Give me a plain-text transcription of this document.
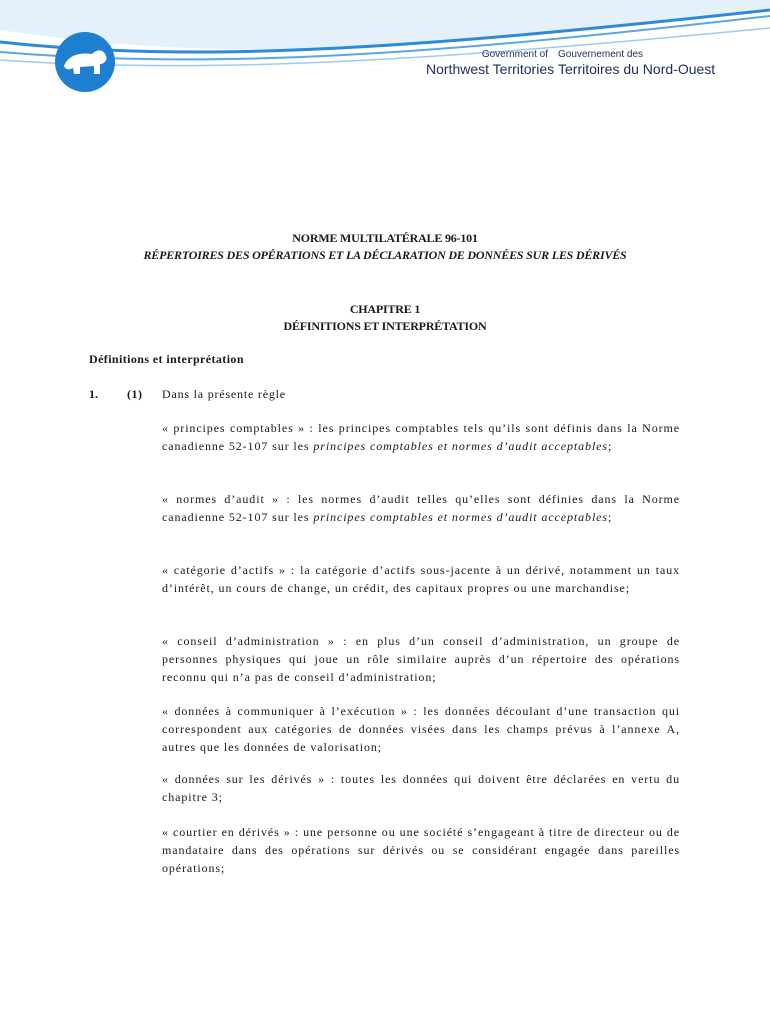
Government of
Northwest Territories
Gouvernement des
Territoires du Nord-Ouest
NORME MULTILATÉRALE 96-101
RÉPERTOIRES DES OPÉRATIONS ET LA DÉCLARATION DE DONNÉES SUR LES DÉRIVÉS
CHAPITRE 1
DÉFINITIONS ET INTERPRÉTATION
Définitions et interprétation
1. (1) Dans la présente règle
« principes comptables » : les principes comptables tels qu’ils sont définis dans la Norme canadienne 52-107 sur les principes comptables et normes d’audit acceptables;
« normes d’audit » : les normes d’audit telles qu’elles sont définies dans la Norme canadienne 52-107 sur les principes comptables et normes d’audit acceptables;
« catégorie d’actifs » : la catégorie d’actifs sous-jacente à un dérivé, notamment un taux d’intérêt, un cours de change, un crédit, des capitaux propres ou une marchandise;
« conseil d’administration » : en plus d’un conseil d’administration, un groupe de personnes physiques qui joue un rôle similaire auprès d’un répertoire des opérations reconnu qui n’a pas de conseil d’administration;
« données à communiquer à l’exécution » : les données découlant d’une transaction qui correspondent aux catégories de données visées dans les champs prévus à l’annexe A, autres que les données de valorisation;
« données sur les dérivés » : toutes les données qui doivent être déclarées en vertu du chapitre 3;
« courtier en dérivés » : une personne ou une société s’engageant à titre de directeur ou de mandataire dans des opérations sur dérivés ou se considérant engagée dans pareilles opérations;
